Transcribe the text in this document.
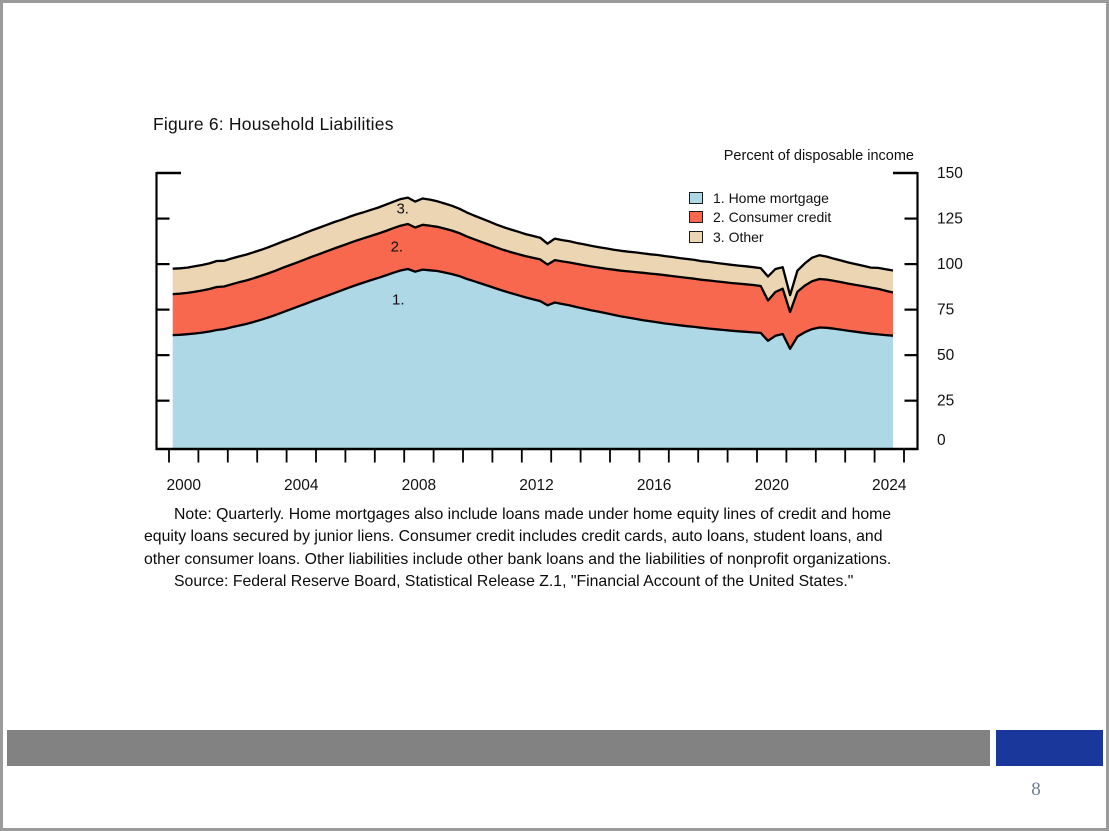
Figure 6: Household Liabilities
Percent of disposable income
0
25
50
75
100
125
150
2000	2004	2008	2012	2016	2020	2024
1.
2.
3.
1. Home mortgage
2. Consumer credit
3. Other

Note: Quarterly. Home mortgages also include loans made under home equity lines of credit and home equity loans secured by junior liens. Consumer credit includes credit cards, auto loans, student loans, and other consumer loans. Other liabilities include other bank loans and the liabilities of nonprofit organizations.

Source: Federal Reserve Board, Statistical Release Z.1, "Financial Account of the United States."

8
